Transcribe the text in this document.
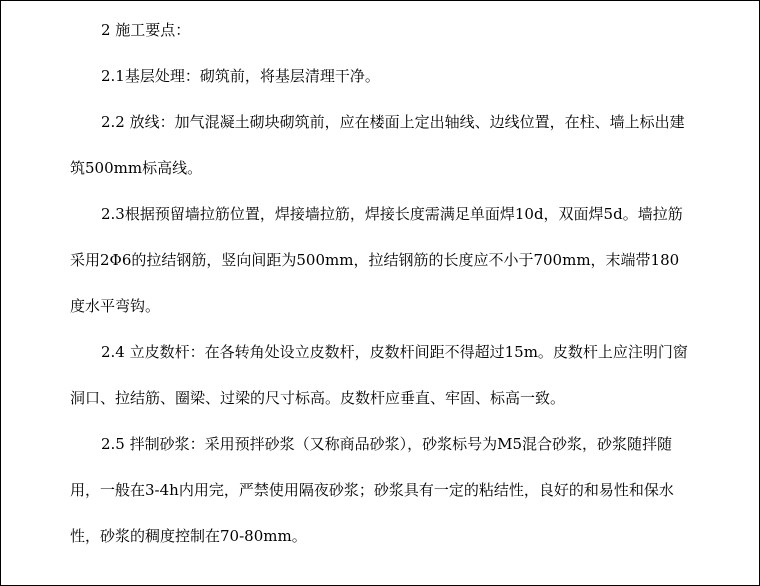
2 施工要点：

2.1基层处理：砌筑前，将基层清理干净。

2.2 放线：加气混凝土砌块砌筑前，应在楼面上定出轴线、边线位置，在柱、墙上标出建筑500mm标高线。

2.3根据预留墙拉筋位置，焊接墙拉筋，焊接长度需满足单面焊10d，双面焊5d。墙拉筋采用2Φ6的拉结钢筋，竖向间距为500mm，拉结钢筋的长度应不小于700mm，末端带180度水平弯钩。

2.4 立皮数杆：在各转角处设立皮数杆，皮数杆间距不得超过15m。皮数杆上应注明门窗洞口、拉结筋、圈梁、过梁的尺寸标高。皮数杆应垂直、牢固、标高一致。

2.5 拌制砂浆：采用预拌砂浆（又称商品砂浆），砂浆标号为M5混合砂浆，砂浆随拌随用，一般在3-4h内用完，严禁使用隔夜砂浆；砂浆具有一定的粘结性，良好的和易性和保水性，砂浆的稠度控制在70-80mm。
